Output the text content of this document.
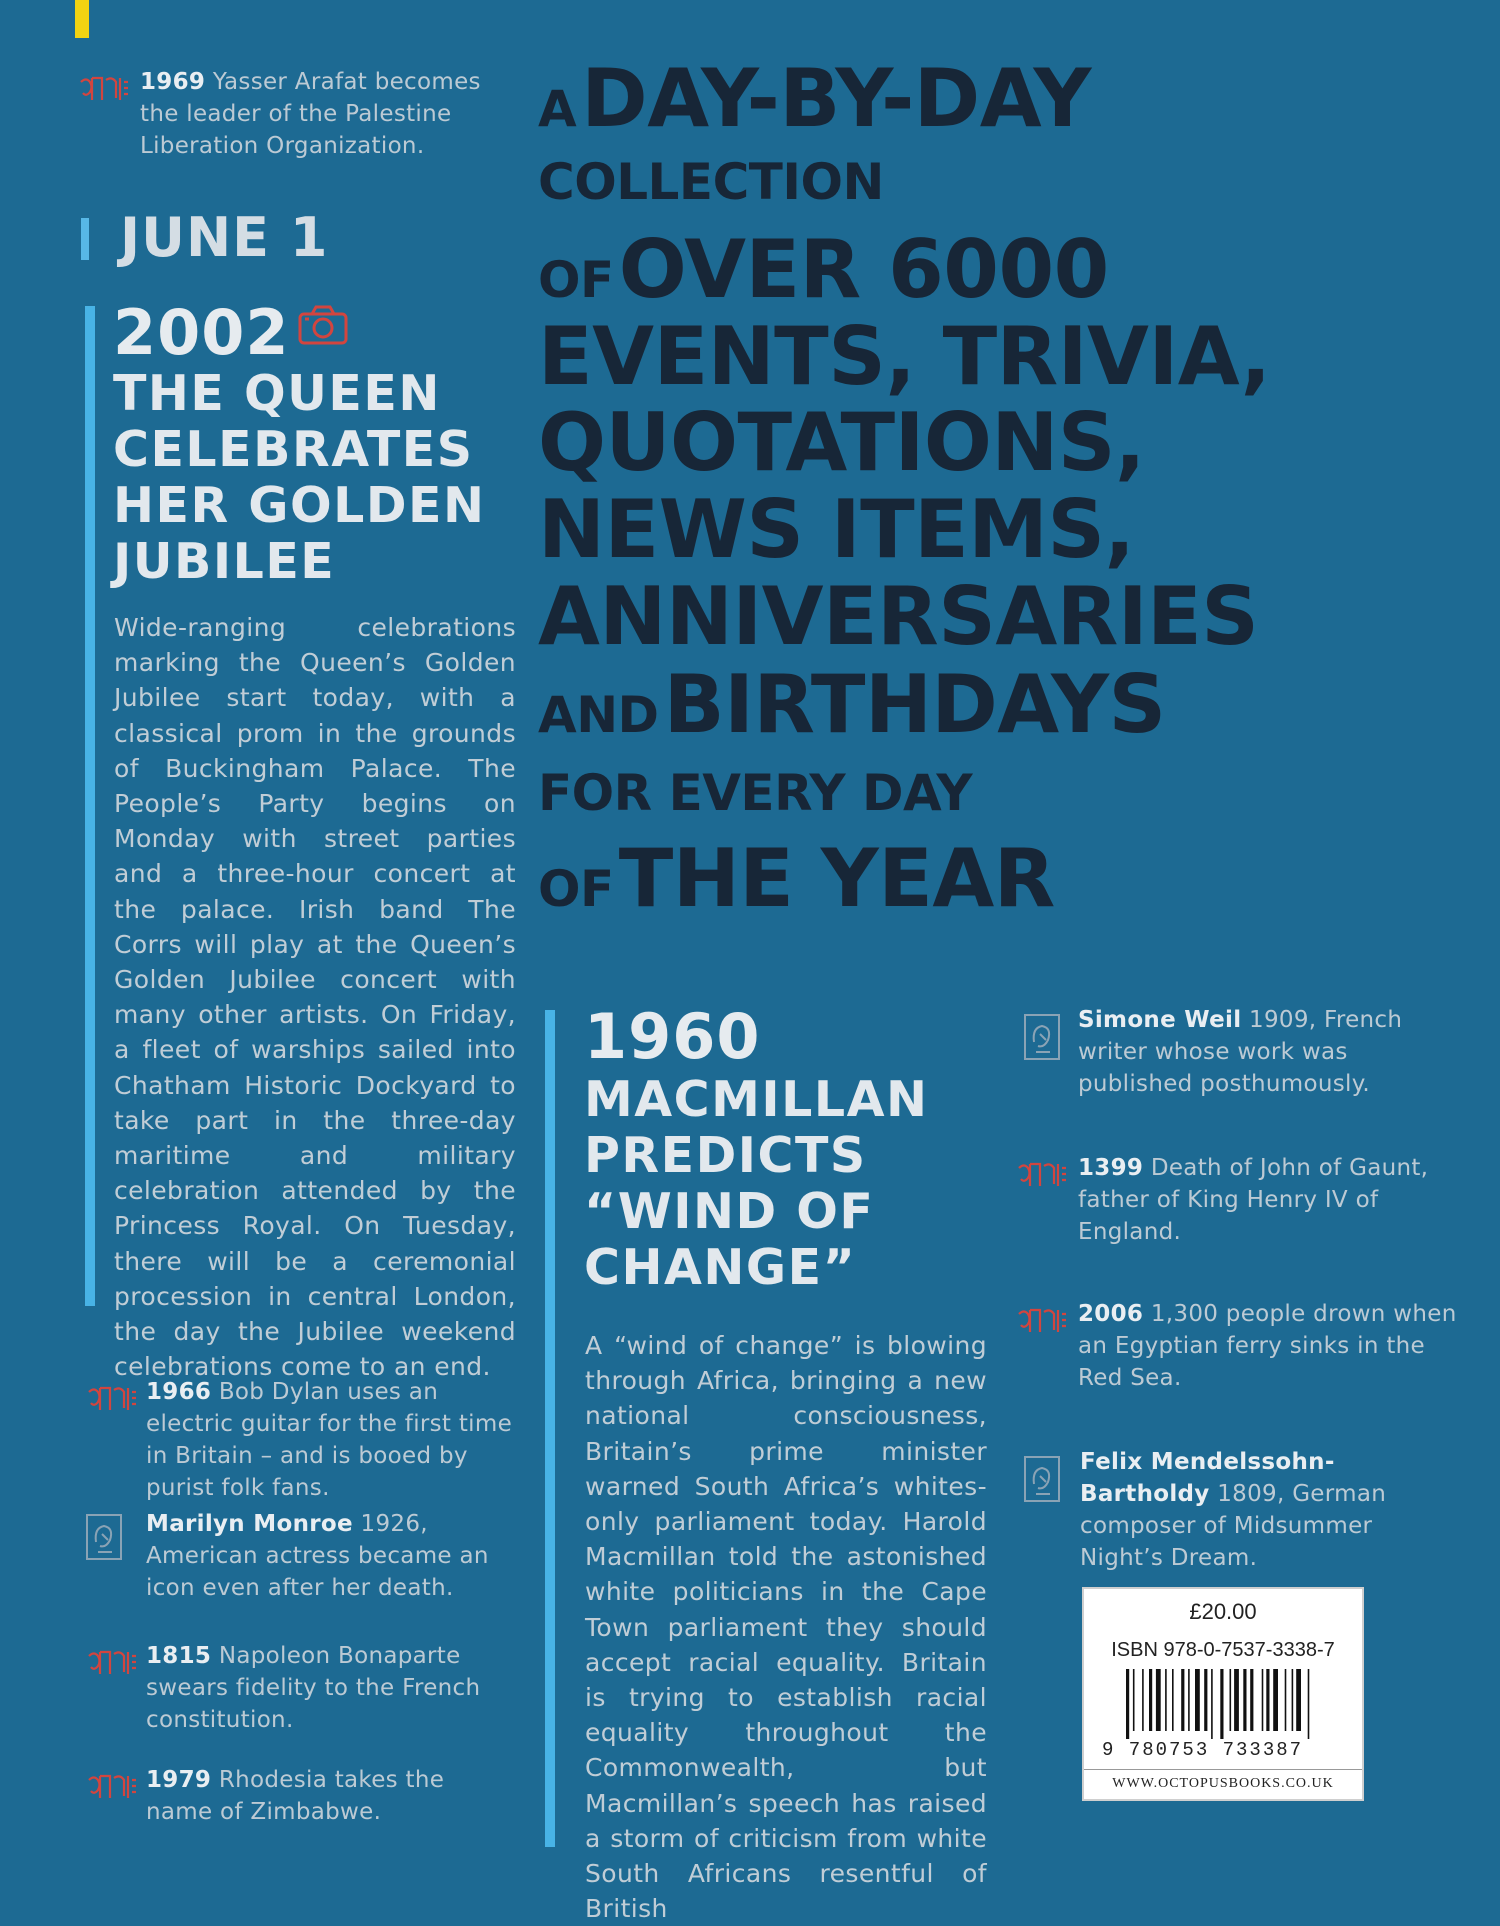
1969 Yasser Arafat becomes the leader of the Palestine Liberation Organization.
JUNE 1
2002
THE QUEEN
CELEBRATES
HER GOLDEN
JUBILEE
Wide-ranging celebrations marking the Queen’s Golden Jubilee start today, with a classical prom in the grounds of Buckingham Palace. The People’s Party begins on Monday with street parties and a three-hour concert at the palace. Irish band The Corrs will play at the Queen’s Golden Jubilee concert with many other artists. On Friday, a fleet of warships sailed into Chatham Historic Dockyard to take part in the three-day maritime and military celebration attended by the Princess Royal. On Tuesday, there will be a ceremonial procession in central London, the day the Jubilee weekend celebrations come to an end.
1966 Bob Dylan uses an electric guitar for the first time in Britain – and is booed by purist folk fans.
Marilyn Monroe 1926, American actress became an icon even after her death.
1815 Napoleon Bonaparte swears fidelity to the French constitution.
1979 Rhodesia takes the name of Zimbabwe.
A DAY-BY-DAY
COLLECTION
OF OVER 6000
EVENTS, TRIVIA,
QUOTATIONS,
NEWS ITEMS,
ANNIVERSARIES
AND BIRTHDAYS
FOR EVERY DAY
OF THE YEAR
1960
MACMILLAN
PREDICTS
“WIND OF
CHANGE”
A “wind of change” is blowing through Africa, bringing a new national consciousness, Britain’s prime minister warned South Africa’s whites-only parliament today. Harold Macmillan told the astonished white politicians in the Cape Town parliament they should accept racial equality. Britain is trying to establish racial equality throughout the Commonwealth, but Macmillan’s speech has raised a storm of criticism from white South Africans resentful of British
Simone Weil 1909, French writer whose work was published posthumously.
1399 Death of John of Gaunt, father of King Henry IV of England.
2006 1,300 people drown when an Egyptian ferry sinks in the Red Sea.
Felix Mendelssohn-Bartholdy 1809, German composer of Midsummer Night’s Dream.
£20.00
ISBN 978-0-7537-3338-7
9 780753 733387
WWW.OCTOPUSBOOKS.CO.UK
